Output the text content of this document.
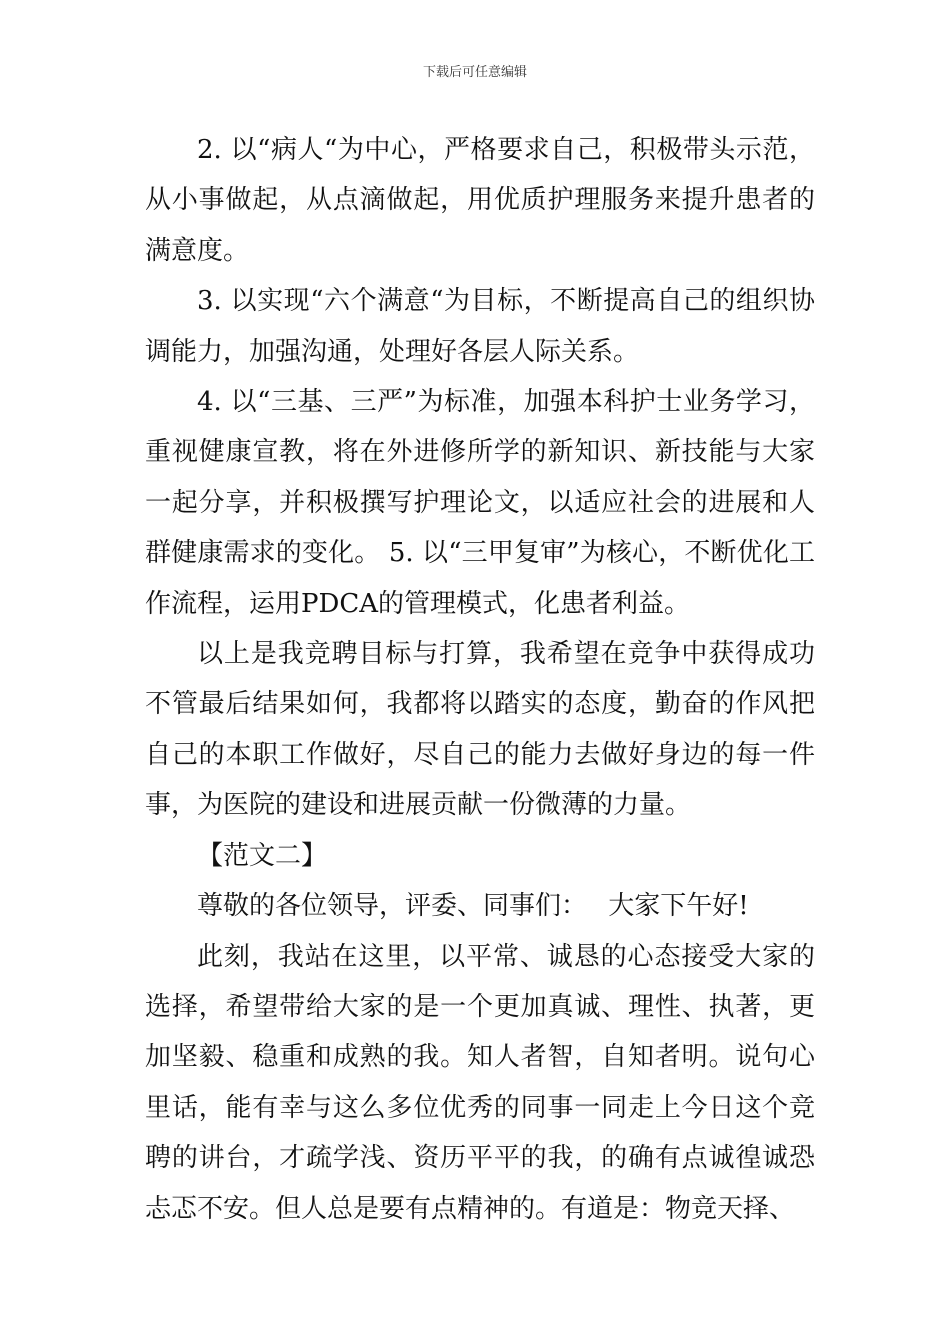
下载后可任意编辑

2. 以“病人“为中心，严格要求自己，积极带头示范，从小事做起，从点滴做起，用优质护理服务来提升患者的满意度。

3. 以实现“六个满意“为目标，不断提高自己的组织协调能力，加强沟通，处理好各层人际关系。

4. 以“三基、三严”为标准，加强本科护士业务学习，重视健康宣教，将在外进修所学的新知识、新技能与大家一起分享，并积极撰写护理论文，以适应社会的进展和人群健康需求的变化。 5. 以“三甲复审”为核心，不断优化工作流程，运用PDCA的管理模式，化患者利益。

以上是我竞聘目标与打算，我希望在竞争中获得成功不管最后结果如何，我都将以踏实的态度，勤奋的作风把自己的本职工作做好，尽自己的能力去做好身边的每一件事，为医院的建设和进展贡献一份微薄的力量。

【范文二】

尊敬的各位领导，评委、同事们：　 大家下午好!

此刻，我站在这里，以平常、诚恳的心态接受大家的选择，希望带给大家的是一个更加真诚、理性、执著，更加坚毅、稳重和成熟的我。知人者智，自知者明。说句心里话，能有幸与这么多位优秀的同事一同走上今日这个竞聘的讲台，才疏学浅、资历平平的我，的确有点诚徨诚恐忐忑不安。但人总是要有点精神的。有道是：物竞天择、
